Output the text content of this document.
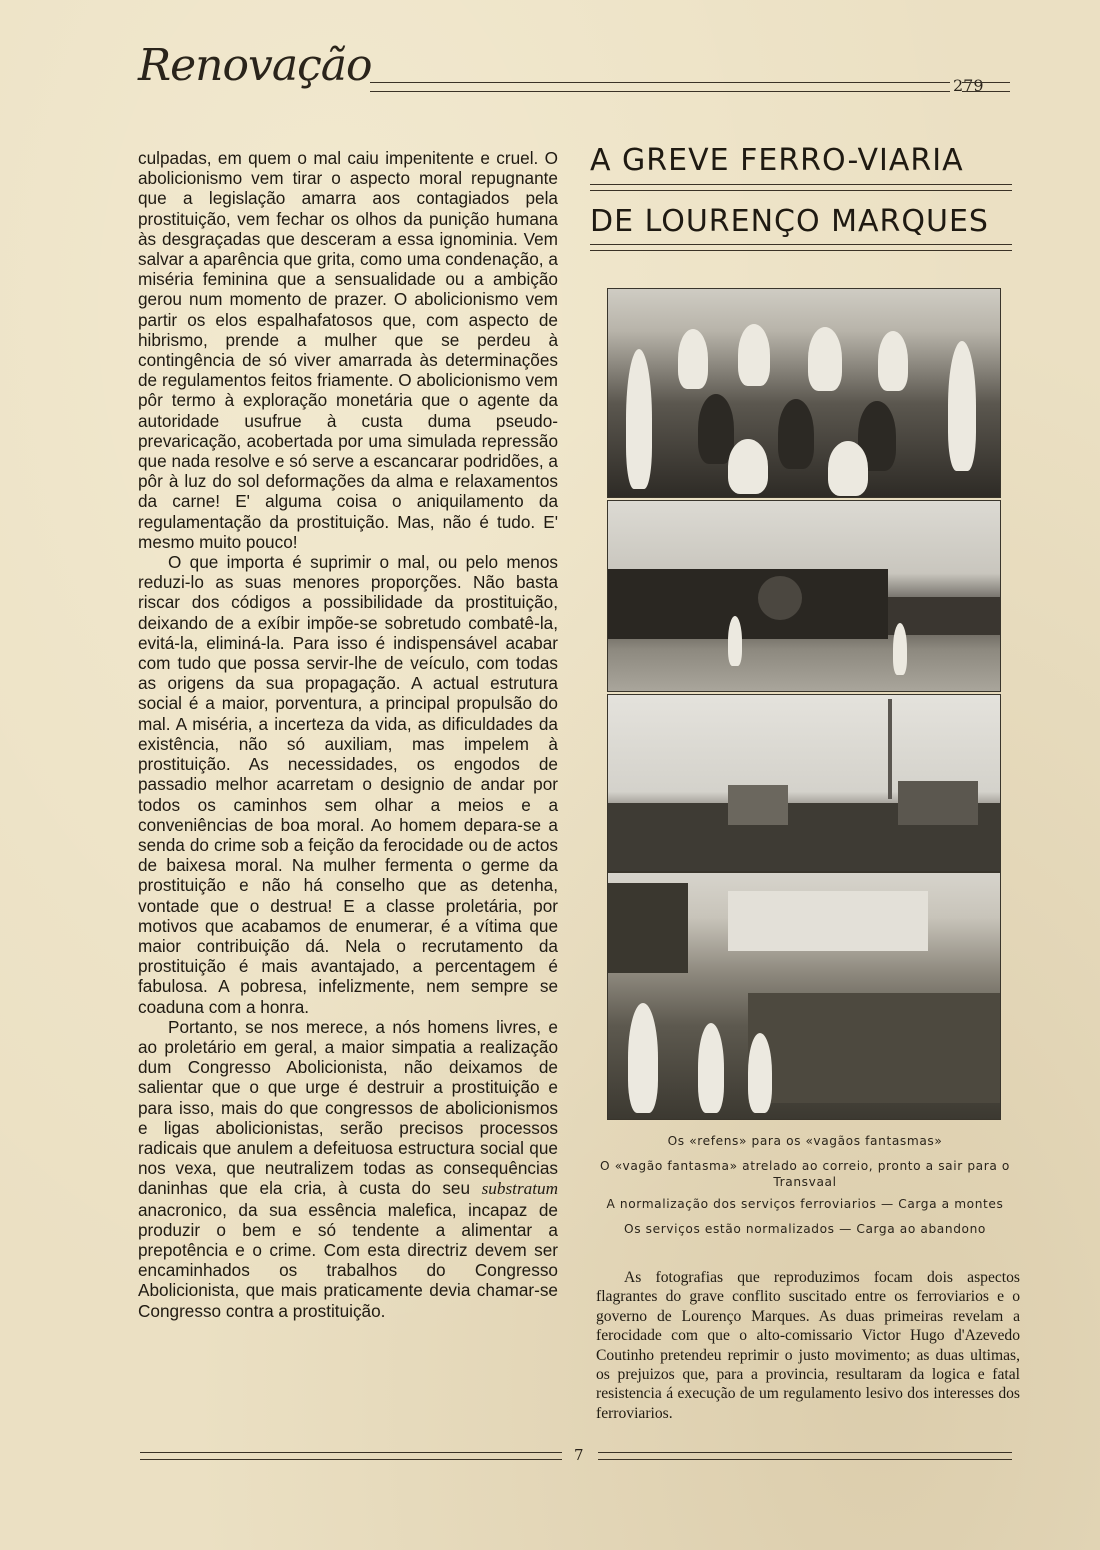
Renovação	279

culpadas, em quem o mal caiu impenitente e cruel. O abolicionismo vem tirar o aspecto moral repugnante que a legislação amarra aos contagiados pela prostituição, vem fechar os olhos da punição humana às desgraçadas que desceram a essa ignominia. Vem salvar a aparência que grita, como uma condenação, a miséria feminina que a sensualidade ou a ambição gerou num momento de prazer. O abolicionismo vem partir os elos espalhafatosos que, com aspecto de hibrismo, prende a mulher que se perdeu à contingência de só viver amarrada às determinações de regulamentos feitos friamente. O abolicionismo vem pôr termo à exploração monetária que o agente da autoridade usufrue à custa duma pseudo-prevaricação, acobertada por uma simulada repressão que nada resolve e só serve a escancarar podridões, a pôr à luz do sol deformações da alma e relaxamentos da carne! E' alguma coisa o aniquilamento da regulamentação da prostituição. Mas, não é tudo. E' mesmo muito pouco!

O que importa é suprimir o mal, ou pelo menos reduzi-lo as suas menores proporções. Não basta riscar dos códigos a possibilidade da prostituição, deixando de a exíbir impõe-se sobretudo combatê-la, evitá-la, eliminá-la. Para isso é indispensável acabar com tudo que possa servir-lhe de veículo, com todas as origens da sua propagação. A actual estrutura social é a maior, porventura, a principal propulsão do mal. A miséria, a incerteza da vida, as dificuldades da existência, não só auxiliam, mas impelem à prostituição. As necessidades, os engodos de passadio melhor acarretam o designio de andar por todos os caminhos sem olhar a meios e a conveniências de boa moral. Ao homem depara-se a senda do crime sob a feição da ferocidade ou de actos de baixesa moral. Na mulher fermenta o germe da prostituição e não há conselho que as detenha, vontade que o destrua! E a classe proletária, por motivos que acabamos de enumerar, é a vítima que maior contribuição dá. Nela o recrutamento da prostituição é mais avantajado, a percentagem é fabulosa. A pobresa, infelizmente, nem sempre se coaduna com a honra.

Portanto, se nos merece, a nós homens livres, e ao proletário em geral, a maior simpatia a realização dum Congresso Abolicionista, não deixamos de salientar que o que urge é destruir a prostituição e para isso, mais do que congressos de abolicionismos e ligas abolicionistas, serão precisos processos radicais que anulem a defeituosa estructura social que nos vexa, que neutralizem todas as consequências daninhas que ela cria, à custa do seu substratum anacronico, da sua essência malefica, incapaz de produzir o bem e só tendente a alimentar a prepotência e o crime. Com esta directriz devem ser encaminhados os trabalhos do Congresso Abolicionista, que mais praticamente devia chamar-se Congresso contra a prostituição.

A GREVE FERRO-VIARIA
DE LOURENÇO MARQUES
Os «refens» para os «vagãos fantasmas»
O «vagão fantasma» atrelado ao correio, pronto a sair para o Transvaal
A normalização dos serviços ferroviarios — Carga a montes
Os serviços estão normalizados — Carga ao abandono
As fotografias que reproduzimos focam dois aspectos flagrantes do grave conflito suscitado entre os ferroviarios e o governo de Lourenço Marques. As duas primeiras revelam a ferocidade com que o alto-comissario Victor Hugo d'Azevedo Coutinho pretendeu reprimir o justo movimento; as duas ultimas, os prejuizos que, para a provincia, resultaram da logica e fatal resistencia á execução de um regulamento lesivo dos interesses dos ferroviarios.
7
